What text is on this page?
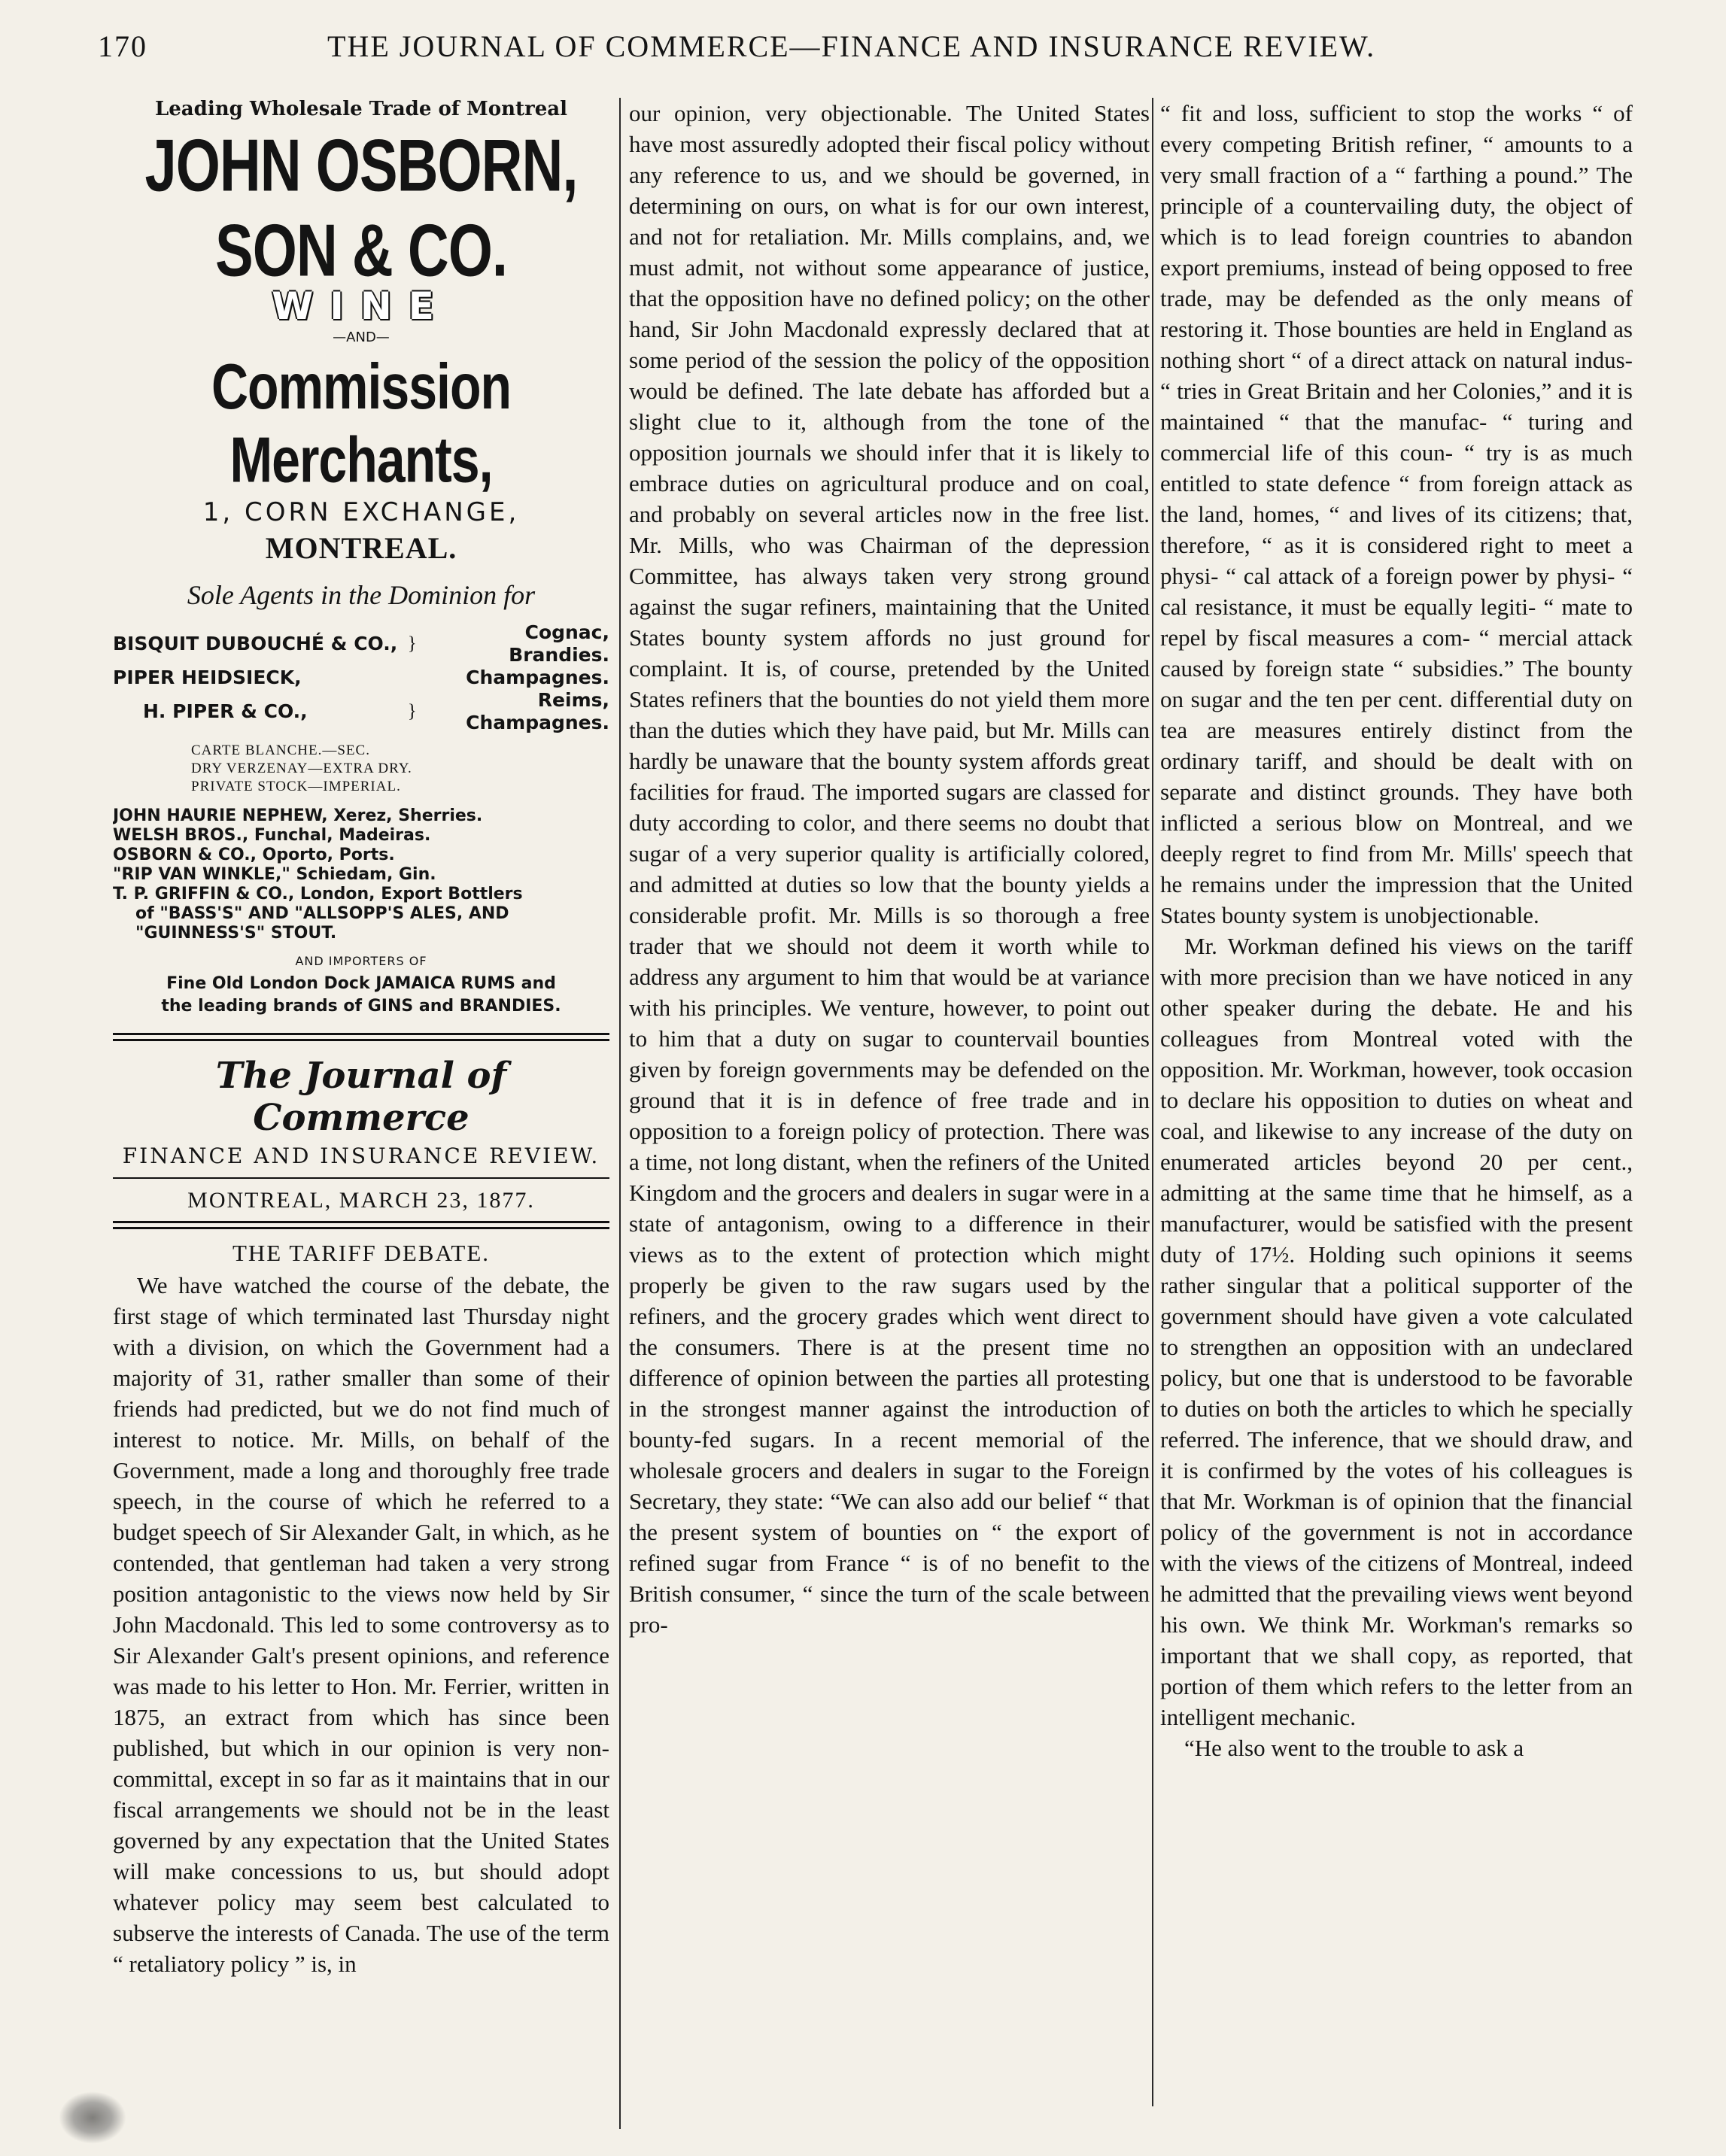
170	THE JOURNAL OF COMMERCE—FINANCE AND INSURANCE REVIEW.
Leading Wholesale Trade of Montreal
JOHN OSBORN, SON & CO.
WINE
—AND—
Commission Merchants,
1, CORN EXCHANGE,
MONTREAL.
Sole Agents in the Dominion for
BISQUIT DUBOUCHÉ & CO.,	}	Cognac, Brandies.
PIPER HEIDSIECK,		Champagnes.
H. PIPER & CO.,	}	Reims, Champagnes.
CARTE BLANCHE.—SEC.
DRY VERZENAY—EXTRA DRY.
PRIVATE STOCK—IMPERIAL.
JOHN HAURIE NEPHEW, Xerez, Sherries.
WELSH BROS., Funchal, Madeiras.
OSBORN & CO., Oporto, Ports.
"RIP VAN WINKLE," Schiedam, Gin.
T. P. GRIFFIN & CO., London, Export Bottlers
of "BASS'S" AND "ALLSOPP'S ALES, AND
"GUINNESS'S" STOUT.
AND IMPORTERS OF
Fine Old London Dock JAMAICA RUMS and
the leading brands of GINS and BRANDIES.
The Journal of Commerce
FINANCE AND INSURANCE REVIEW.
MONTREAL, MARCH 23, 1877.
THE TARIFF DEBATE.

We have watched the course of the debate, the first stage of which terminated last Thursday night with a division, on which the Government had a majority of 31, rather smaller than some of their friends had predicted, but we do not find much of interest to notice. Mr. Mills, on behalf of the Government, made a long and thoroughly free trade speech, in the course of which he referred to a budget speech of Sir Alexander Galt, in which, as he contended, that gentleman had taken a very strong position antagonistic to the views now held by Sir John Macdonald. This led to some controversy as to Sir Alexander Galt's present opinions, and reference was made to his letter to Hon. Mr. Ferrier, written in 1875, an extract from which has since been published, but which in our opinion is very non-committal, except in so far as it maintains that in our fiscal arrangements we should not be in the least governed by any expectation that the United States will make concessions to us, but should adopt whatever policy may seem best calculated to subserve the interests of Canada. The use of the term “ retaliatory policy ” is, in

our opinion, very objectionable. The United States have most assuredly adopted their fiscal policy without any reference to us, and we should be governed, in determining on ours, on what is for our own interest, and not for retaliation. Mr. Mills complains, and, we must admit, not without some appearance of justice, that the opposition have no defined policy; on the other hand, Sir John Macdonald expressly declared that at some period of the session the policy of the opposition would be defined. The late debate has afforded but a slight clue to it, although from the tone of the opposition journals we should infer that it is likely to embrace duties on agricultural produce and on coal, and probably on several articles now in the free list. Mr. Mills, who was Chairman of the depression Committee, has always taken very strong ground against the sugar refiners, maintaining that the United States bounty system affords no just ground for complaint. It is, of course, pretended by the United States refiners that the bounties do not yield them more than the duties which they have paid, but Mr. Mills can hardly be unaware that the bounty system affords great facilities for fraud. The imported sugars are classed for duty according to color, and there seems no doubt that sugar of a very superior quality is artificially colored, and admitted at duties so low that the bounty yields a considerable profit. Mr. Mills is so thorough a free trader that we should not deem it worth while to address any argument to him that would be at variance with his principles. We venture, however, to point out to him that a duty on sugar to countervail bounties given by foreign governments may be defended on the ground that it is in defence of free trade and in opposition to a foreign policy of protection. There was a time, not long distant, when the refiners of the United Kingdom and the grocers and dealers in sugar were in a state of antagonism, owing to a difference in their views as to the extent of protection which might properly be given to the raw sugars used by the refiners, and the grocery grades which went direct to the consumers. There is at the present time no difference of opinion between the parties all protesting in the strongest manner against the introduction of bounty-fed sugars. In a recent memorial of the wholesale grocers and dealers in sugar to the Foreign Secretary, they state: “We can also add our belief “ that the present system of bounties on “ the export of refined sugar from France “ is of no benefit to the British consumer, “ since the turn of the scale between pro-

“ fit and loss, sufficient to stop the works “ of every competing British refiner, “ amounts to a very small fraction of a “ farthing a pound.” The principle of a countervailing duty, the object of which is to lead foreign countries to abandon export premiums, instead of being opposed to free trade, may be defended as the only means of restoring it. Those bounties are held in England as nothing short “ of a direct attack on natural indus- “ tries in Great Britain and her Colonies,” and it is maintained “ that the manufac- “ turing and commercial life of this coun- “ try is as much entitled to state defence “ from foreign attack as the land, homes, “ and lives of its citizens; that, therefore, “ as it is considered right to meet a physi- “ cal attack of a foreign power by physi- “ cal resistance, it must be equally legiti- “ mate to repel by fiscal measures a com- “ mercial attack caused by foreign state “ subsidies.” The bounty on sugar and the ten per cent. differential duty on tea are measures entirely distinct from the ordinary tariff, and should be dealt with on separate and distinct grounds. They have both inflicted a serious blow on Montreal, and we deeply regret to find from Mr. Mills' speech that he remains under the impression that the United States bounty system is unobjectionable.

Mr. Workman defined his views on the tariff with more precision than we have noticed in any other speaker during the debate. He and his colleagues from Montreal voted with the opposition. Mr. Workman, however, took occasion to declare his opposition to duties on wheat and coal, and likewise to any increase of the duty on enumerated articles beyond 20 per cent., admitting at the same time that he himself, as a manufacturer, would be satisfied with the present duty of 17½. Holding such opinions it seems rather singular that a political supporter of the government should have given a vote calculated to strengthen an opposition with an undeclared policy, but one that is understood to be favorable to duties on both the articles to which he specially referred. The inference, that we should draw, and it is confirmed by the votes of his colleagues is that Mr. Workman is of opinion that the financial policy of the government is not in accordance with the views of the citizens of Montreal, indeed he admitted that the prevailing views went beyond his own. We think Mr. Workman's remarks so important that we shall copy, as reported, that portion of them which refers to the letter from an intelligent mechanic.

“He also went to the trouble to ask a
